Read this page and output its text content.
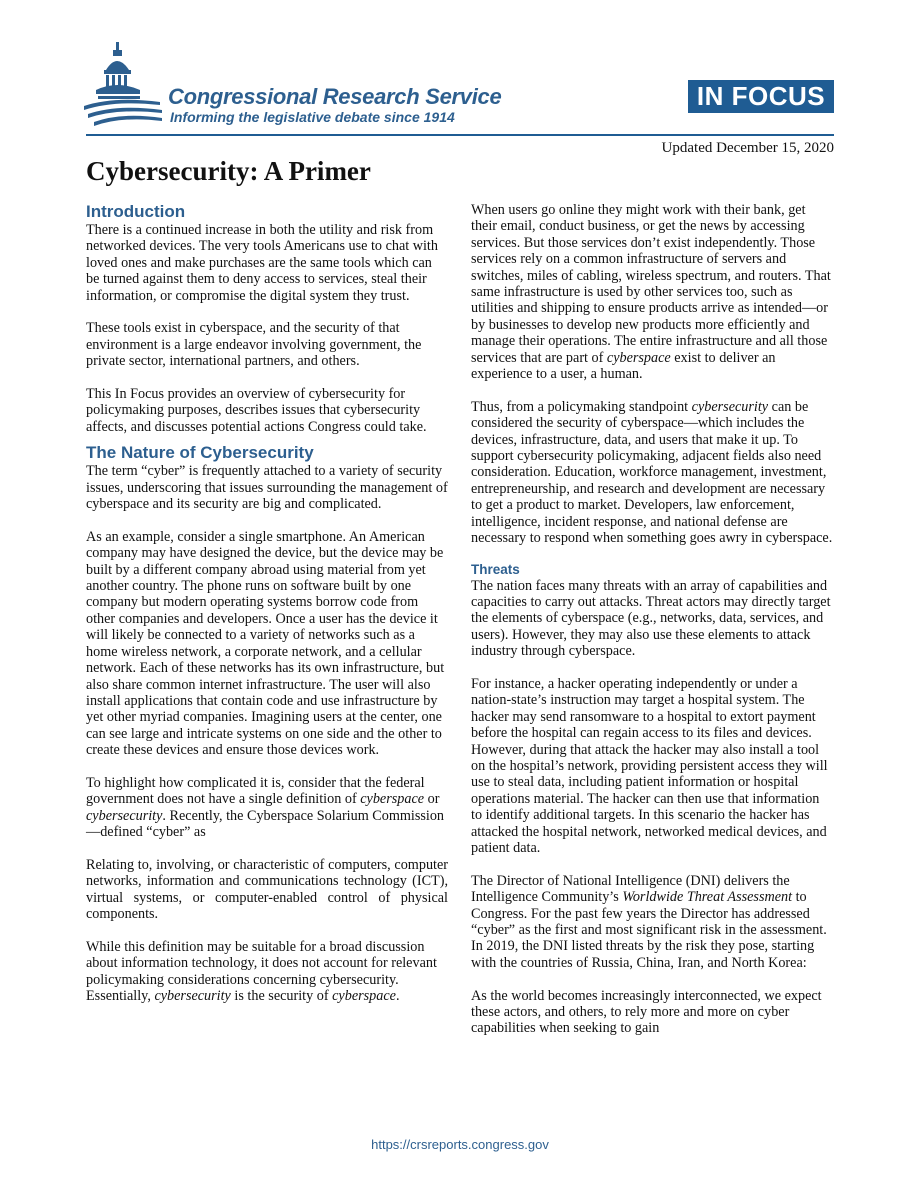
Congressional Research Service
Informing the legislative debate since 1914
IN FOCUS
Updated December 15, 2020
Cybersecurity: A Primer
Introduction

There is a continued increase in both the utility and risk from networked devices. The very tools Americans use to chat with loved ones and make purchases are the same tools which can be turned against them to deny access to services, steal their information, or compromise the digital system they trust.

These tools exist in cyberspace, and the security of that environment is a large endeavor involving government, the private sector, international partners, and others.

This In Focus provides an overview of cybersecurity for policymaking purposes, describes issues that cybersecurity affects, and discusses potential actions Congress could take.

The Nature of Cybersecurity

The term “cyber” is frequently attached to a variety of security issues, underscoring that issues surrounding the management of cyberspace and its security are big and complicated.

As an example, consider a single smartphone. An American company may have designed the device, but the device may be built by a different company abroad using material from yet another country. The phone runs on software built by one company but modern operating systems borrow code from other companies and developers. Once a user has the device it will likely be connected to a variety of networks such as a home wireless network, a corporate network, and a cellular network. Each of these networks has its own infrastructure, but also share common internet infrastructure. The user will also install applications that contain code and use infrastructure by yet other myriad companies. Imagining users at the center, one can see large and intricate systems on one side and the other to create these devices and ensure those devices work.

To highlight how complicated it is, consider that the federal government does not have a single definition of cyberspace or cybersecurity. Recently, the Cyberspace Solarium Commission—defined “cyber” as

Relating to, involving, or characteristic of computers, computer networks, information and communications technology (ICT), virtual systems, or computer-enabled control of physical components.

While this definition may be suitable for a broad discussion about information technology, it does not account for relevant policymaking considerations concerning cybersecurity. Essentially, cybersecurity is the security of cyberspace.

When users go online they might work with their bank, get their email, conduct business, or get the news by accessing services. But those services don’t exist independently. Those services rely on a common infrastructure of servers and switches, miles of cabling, wireless spectrum, and routers. That same infrastructure is used by other services too, such as utilities and shipping to ensure products arrive as intended—or by businesses to develop new products more efficiently and manage their operations. The entire infrastructure and all those services that are part of cyberspace exist to deliver an experience to a user, a human.

Thus, from a policymaking standpoint cybersecurity can be considered the security of cyberspace—which includes the devices, infrastructure, data, and users that make it up. To support cybersecurity policymaking, adjacent fields also need consideration. Education, workforce management, investment, entrepreneurship, and research and development are necessary to get a product to market. Developers, law enforcement, intelligence, incident response, and national defense are necessary to respond when something goes awry in cyberspace.

Threats

The nation faces many threats with an array of capabilities and capacities to carry out attacks. Threat actors may directly target the elements of cyberspace (e.g., networks, data, services, and users). However, they may also use these elements to attack industry through cyberspace.

For instance, a hacker operating independently or under a nation-state’s instruction may target a hospital system. The hacker may send ransomware to a hospital to extort payment before the hospital can regain access to its files and devices. However, during that attack the hacker may also install a tool on the hospital’s network, providing persistent access they will use to steal data, including patient information or hospital operations material. The hacker can then use that information to identify additional targets. In this scenario the hacker has attacked the hospital network, networked medical devices, and patient data.

The Director of National Intelligence (DNI) delivers the Intelligence Community’s Worldwide Threat Assessment to Congress. For the past few years the Director has addressed “cyber” as the first and most significant risk in the assessment. In 2019, the DNI listed threats by the risk they pose, starting with the countries of Russia, China, Iran, and North Korea:

As the world becomes increasingly interconnected, we expect these actors, and others, to rely more and more on cyber capabilities when seeking to gain

https://crsreports.congress.gov
